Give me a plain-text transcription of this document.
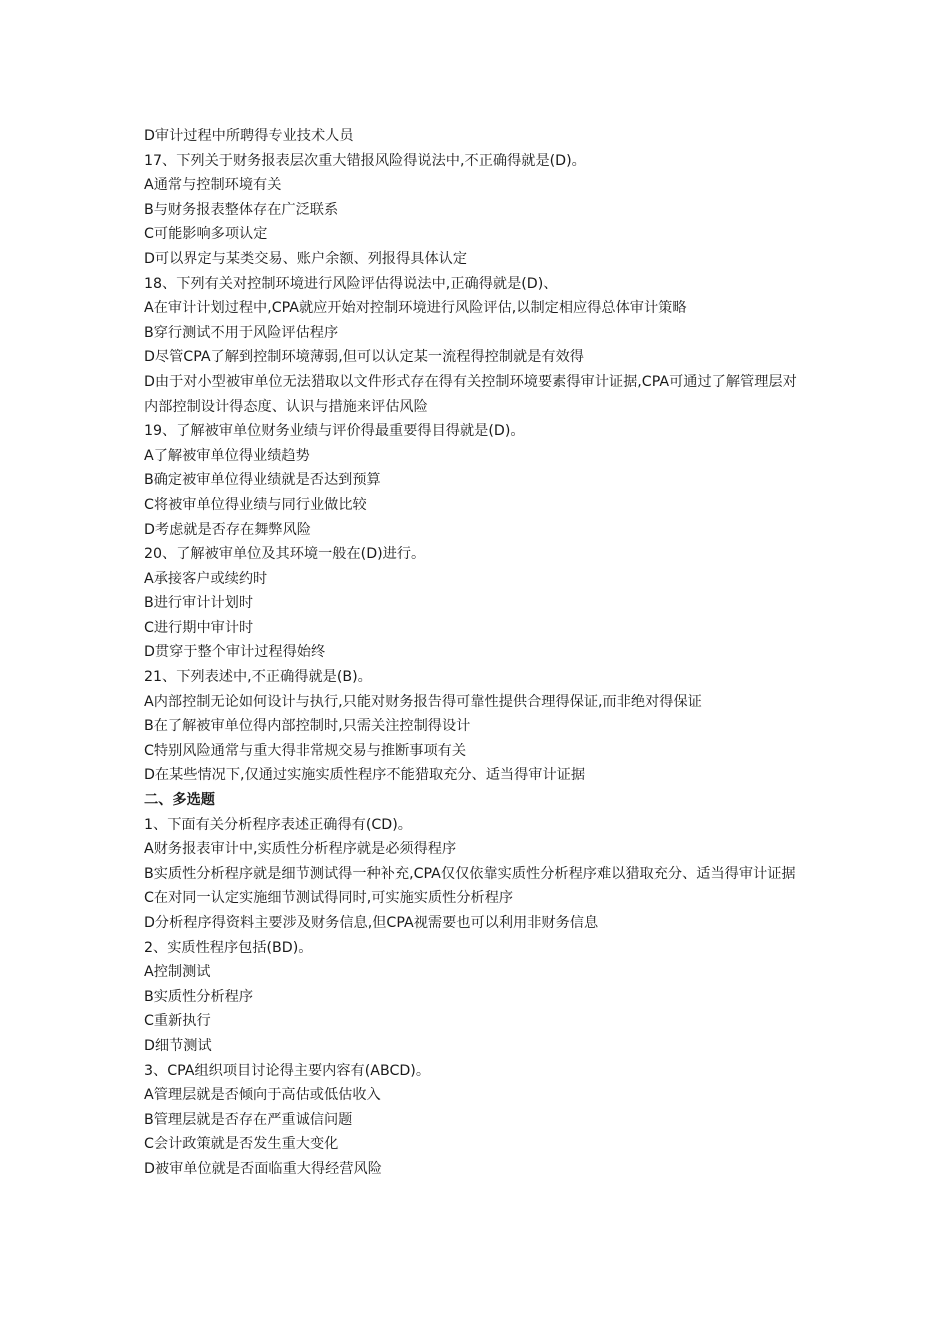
D审计过程中所聘得专业技术人员
17、下列关于财务报表层次重大错报风险得说法中,不正确得就是(D)。
A通常与控制环境有关
B与财务报表整体存在广泛联系
C可能影响多项认定
D可以界定与某类交易、账户余额、列报得具体认定
18、下列有关对控制环境进行风险评估得说法中,正确得就是(D)、
A在审计计划过程中,CPA就应开始对控制环境进行风险评估,以制定相应得总体审计策略
B穿行测试不用于风险评估程序
D尽管CPA了解到控制环境薄弱,但可以认定某一流程得控制就是有效得
D由于对小型被审单位无法猎取以文件形式存在得有关控制环境要素得审计证据,CPA可通过了解管理层对内部控制设计得态度、认识与措施来评估风险
19、了解被审单位财务业绩与评价得最重要得目得就是(D)。
A了解被审单位得业绩趋势
B确定被审单位得业绩就是否达到预算
C将被审单位得业绩与同行业做比较
D考虑就是否存在舞弊风险
20、了解被审单位及其环境一般在(D)进行。
A承接客户或续约时
B进行审计计划时
C进行期中审计时
D贯穿于整个审计过程得始终
21、下列表述中,不正确得就是(B)。
A内部控制无论如何设计与执行,只能对财务报告得可靠性提供合理得保证,而非绝对得保证
B在了解被审单位得内部控制时,只需关注控制得设计
C特别风险通常与重大得非常规交易与推断事项有关
D在某些情况下,仅通过实施实质性程序不能猎取充分、适当得审计证据
二、多选题
1、下面有关分析程序表述正确得有(CD)。
A财务报表审计中,实质性分析程序就是必须得程序
B实质性分析程序就是细节测试得一种补充,CPA仅仅依靠实质性分析程序难以猎取充分、适当得审计证据
C在对同一认定实施细节测试得同时,可实施实质性分析程序
D分析程序得资料主要涉及财务信息,但CPA视需要也可以利用非财务信息
2、实质性程序包括(BD)。
A控制测试
B实质性分析程序
C重新执行
D细节测试
3、CPA组织项目讨论得主要内容有(ABCD)。
A管理层就是否倾向于高估或低估收入
B管理层就是否存在严重诚信问题
C会计政策就是否发生重大变化
D被审单位就是否面临重大得经营风险
